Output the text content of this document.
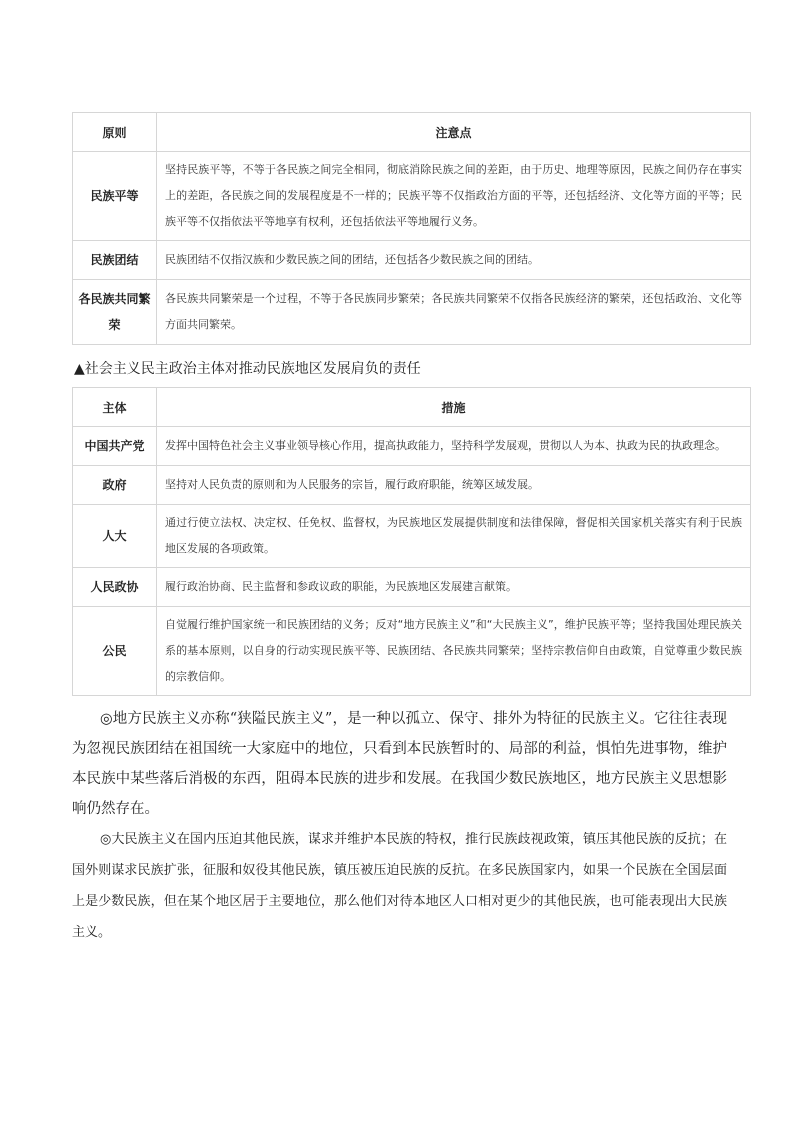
原则	注意点
民族平等	坚持民族平等，不等于各民族之间完全相同，彻底消除民族之间的差距，由于历史、地理等原因，民族之间仍存在事实上的差距，各民族之间的发展程度是不一样的；民族平等不仅指政治方面的平等，还包括经济、文化等方面的平等；民族平等不仅指依法平等地享有权利，还包括依法平等地履行义务。
民族团结	民族团结不仅指汉族和少数民族之间的团结，还包括各少数民族之间的团结。
各民族共同繁荣	各民族共同繁荣是一个过程，不等于各民族同步繁荣；各民族共同繁荣不仅指各民族经济的繁荣，还包括政治、文化等方面共同繁荣。
▲社会主义民主政治主体对推动民族地区发展肩负的责任
主体	措施
中国共产党	发挥中国特色社会主义事业领导核心作用，提高执政能力，坚持科学发展观，贯彻以人为本、执政为民的执政理念。
政府	坚持对人民负责的原则和为人民服务的宗旨，履行政府职能，统筹区域发展。
人大	通过行使立法权、决定权、任免权、监督权，为民族地区发展提供制度和法律保障，督促相关国家机关落实有利于民族地区发展的各项政策。
人民政协	履行政治协商、民主监督和参政议政的职能，为民族地区发展建言献策。
公民	自觉履行维护国家统一和民族团结的义务；反对“地方民族主义”和“大民族主义”，维护民族平等；坚持我国处理民族关系的基本原则，以自身的行动实现民族平等、民族团结、各民族共同繁荣；坚持宗教信仰自由政策，自觉尊重少数民族的宗教信仰。

◎地方民族主义亦称“狭隘民族主义”，是一种以孤立、保守、排外为特征的民族主义。它往往表现为忽视民族团结在祖国统一大家庭中的地位，只看到本民族暂时的、局部的利益，惧怕先进事物，维护本民族中某些落后消极的东西，阻碍本民族的进步和发展。在我国少数民族地区，地方民族主义思想影响仍然存在。

◎大民族主义在国内压迫其他民族，谋求并维护本民族的特权，推行民族歧视政策，镇压其他民族的反抗；在国外则谋求民族扩张，征服和奴役其他民族，镇压被压迫民族的反抗。在多民族国家内，如果一个民族在全国层面上是少数民族，但在某个地区居于主要地位，那么他们对待本地区人口相对更少的其他民族，也可能表现出大民族主义。
